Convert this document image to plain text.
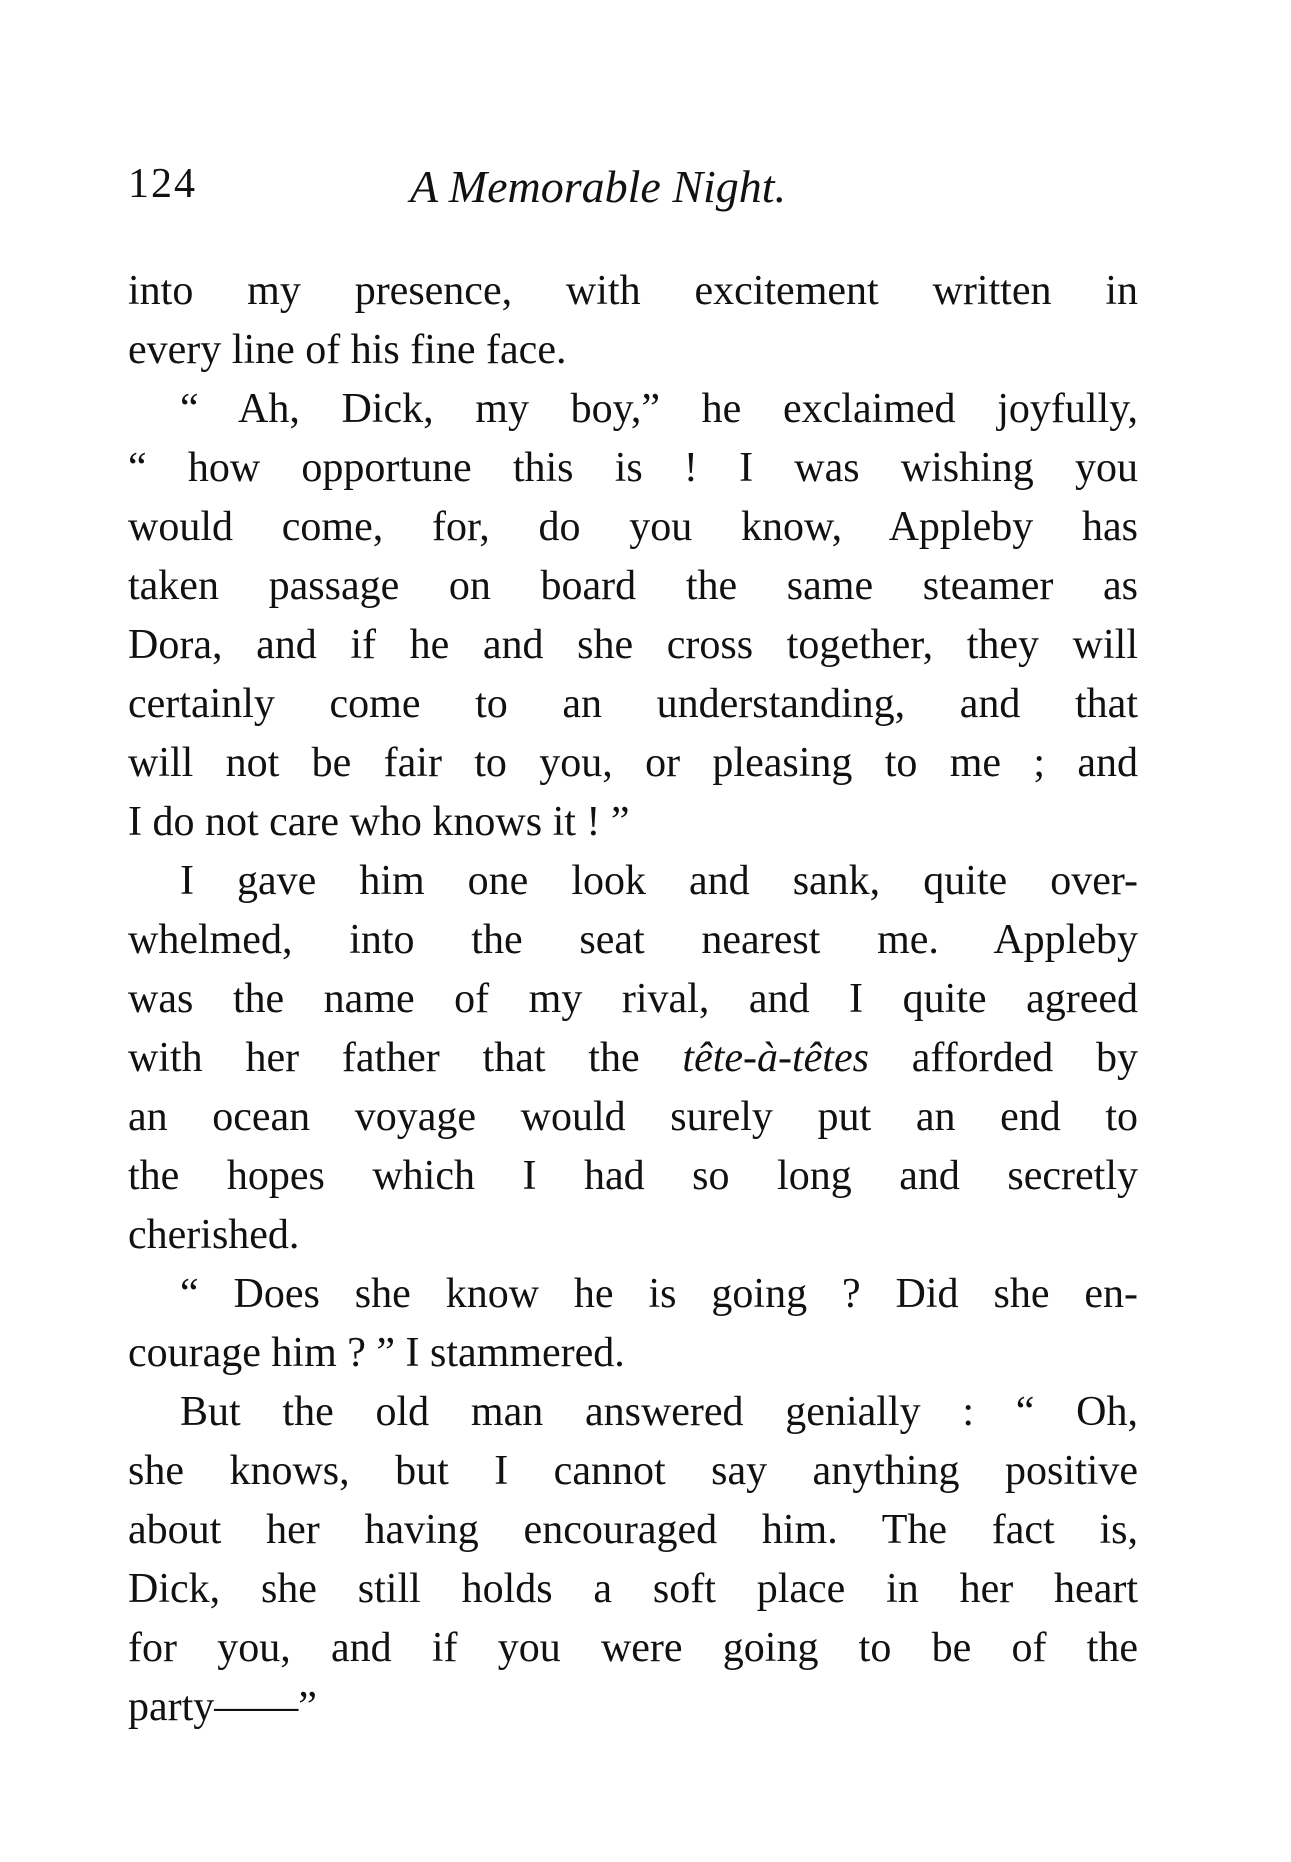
124	A Memorable Night.
into my presence, with excitement written in
every line of his fine face.
“ Ah, Dick, my boy,” he exclaimed joyfully,
“ how opportune this is ! I was wishing you
would come, for, do you know, Appleby has
taken passage on board the same steamer as
Dora, and if he and she cross together, they will
certainly come to an understanding, and that
will not be fair to you, or pleasing to me ; and
I do not care who knows it ! ”
I gave him one look and sank, quite over-
whelmed, into the seat nearest me. Appleby
was the name of my rival, and I quite agreed
with her father that the tête-à-têtes afforded by
an ocean voyage would surely put an end to
the hopes which I had so long and secretly
cherished.
“ Does she know he is going ? Did she en-
courage him ? ” I stammered.
But the old man answered genially : “ Oh,
she knows, but I cannot say anything positive
about her having encouraged him. The fact is,
Dick, she still holds a soft place in her heart
for you, and if you were going to be of the
party——”
